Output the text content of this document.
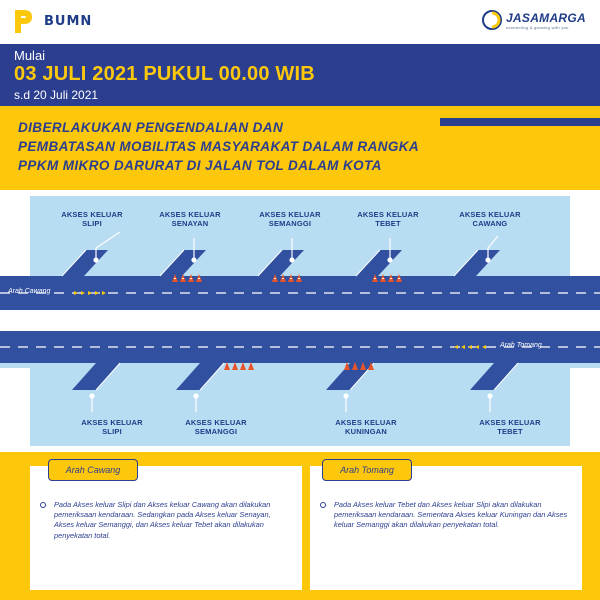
BUMN	JASAMARGA
connecting & growing with you
Mulai
03 JULI 2021 PUKUL 00.00 WIB
s.d 20 Juli 2021
DIBERLAKUKAN PENGENDALIAN DAN
PEMBATASAN MOBILITAS MASYARAKAT DALAM RANGKA
PPKM MIKRO DARURAT DI JALAN TOL DALAM KOTA
Arah Cawang
Arah Tomang
AKSES KELUAR
SLIPI
AKSES KELUAR
SENAYAN
AKSES KELUAR
SEMANGGI
AKSES KELUAR
TEBET
AKSES KELUAR
CAWANG
AKSES KELUAR
SLIPI
AKSES KELUAR
SEMANGGI
AKSES KELUAR
KUNINGAN
AKSES KELUAR
TEBET
Arah Cawang
Pada Akses keluar Slipi dan Akses keluar Cawang akan dilakukan pemeriksaan kendaraan. Sedangkan pada Akses keluar Senayan, Akses keluar Semanggi, dan Akses keluar Tebet akan dilakukan penyekatan total.
Arah Tomang
Pada Akses keluar Tebet dan Akses keluar Slipi akan dilakukan pemeriksaan kendaraan. Sementara Akses keluar Kuningan dan Akses keluar Semanggi akan dilakukan penyekatan total.
